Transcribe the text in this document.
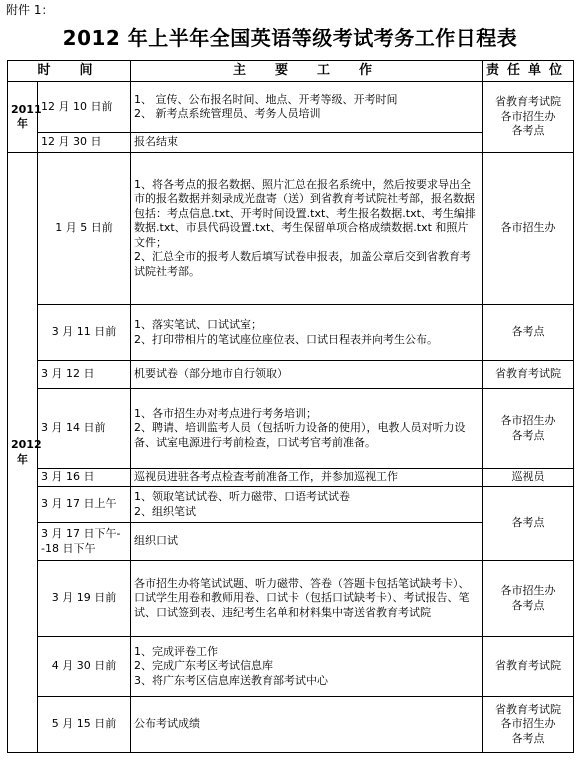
附件 1：
2012 年上半年全国英语等级考试考务工作日程表
时　间		主　要　工　作	责任单位
2011 年	12 月 10 日前	1、 宣传、公布报名时间、地点、开考等级、开考时间
2、 新考点系统管理员、考务人员培训	省教育考试院
各市招生办
各考点
	12 月 30 日	报名结束	
2012 年	1 月 5 日前	1、将各考点的报名数据、照片汇总在报名系统中，然后按要求导出全市的报名数据并刻录成光盘寄（送）到省教育考试院社考部，报名数据包括：考点信息.txt、开考时间设置.txt、考生报名数据.txt、考生编排数据.txt、市县代码设置.txt、考生保留单项合格成绩数据.txt 和照片文件；
2、汇总全市的报考人数后填写试卷申报表，加盖公章后交到省教育考试院社考部。	各市招生办
	3 月 11 日前	1、落实笔试、口试试室；
2、打印带相片的笔试座位座位表、口试日程表并向考生公布。	各考点
	3 月 12 日	机要试卷（部分地市自行领取）	省教育考试院
	3 月 14 日前	1、各市招生办对考点进行考务培训；
2、聘请、培训监考人员（包括听力设备的使用），电教人员对听力设备、试室电源进行考前检查，口试考官考前准备。	各市招生办
各考点
	3 月 16 日	巡视员进驻各考点检查考前准备工作，并参加巡视工作	巡视员
	3 月 17 日上午	1、领取笔试试卷、听力磁带、口语考试试卷
2、组织笔试	各考点
	3 月 17 日下午--18 日下午	组织口试	
	3 月 19 日前	各市招生办将笔试试题、听力磁带、答卷（答题卡包括笔试缺考卡）、口试学生用卷和教师用卷、口试卡（包括口试缺考卡）、考试报告、笔试、口试签到表、违纪考生名单和材料集中寄送省教育考试院	各市招生办
各考点
	4 月 30 日前	1、完成评卷工作
2、完成广东考区考试信息库
3、将广东考区信息库送教育部考试中心	省教育考试院
	5 月 15 日前	公布考试成绩	省教育考试院
各市招生办
各考点
